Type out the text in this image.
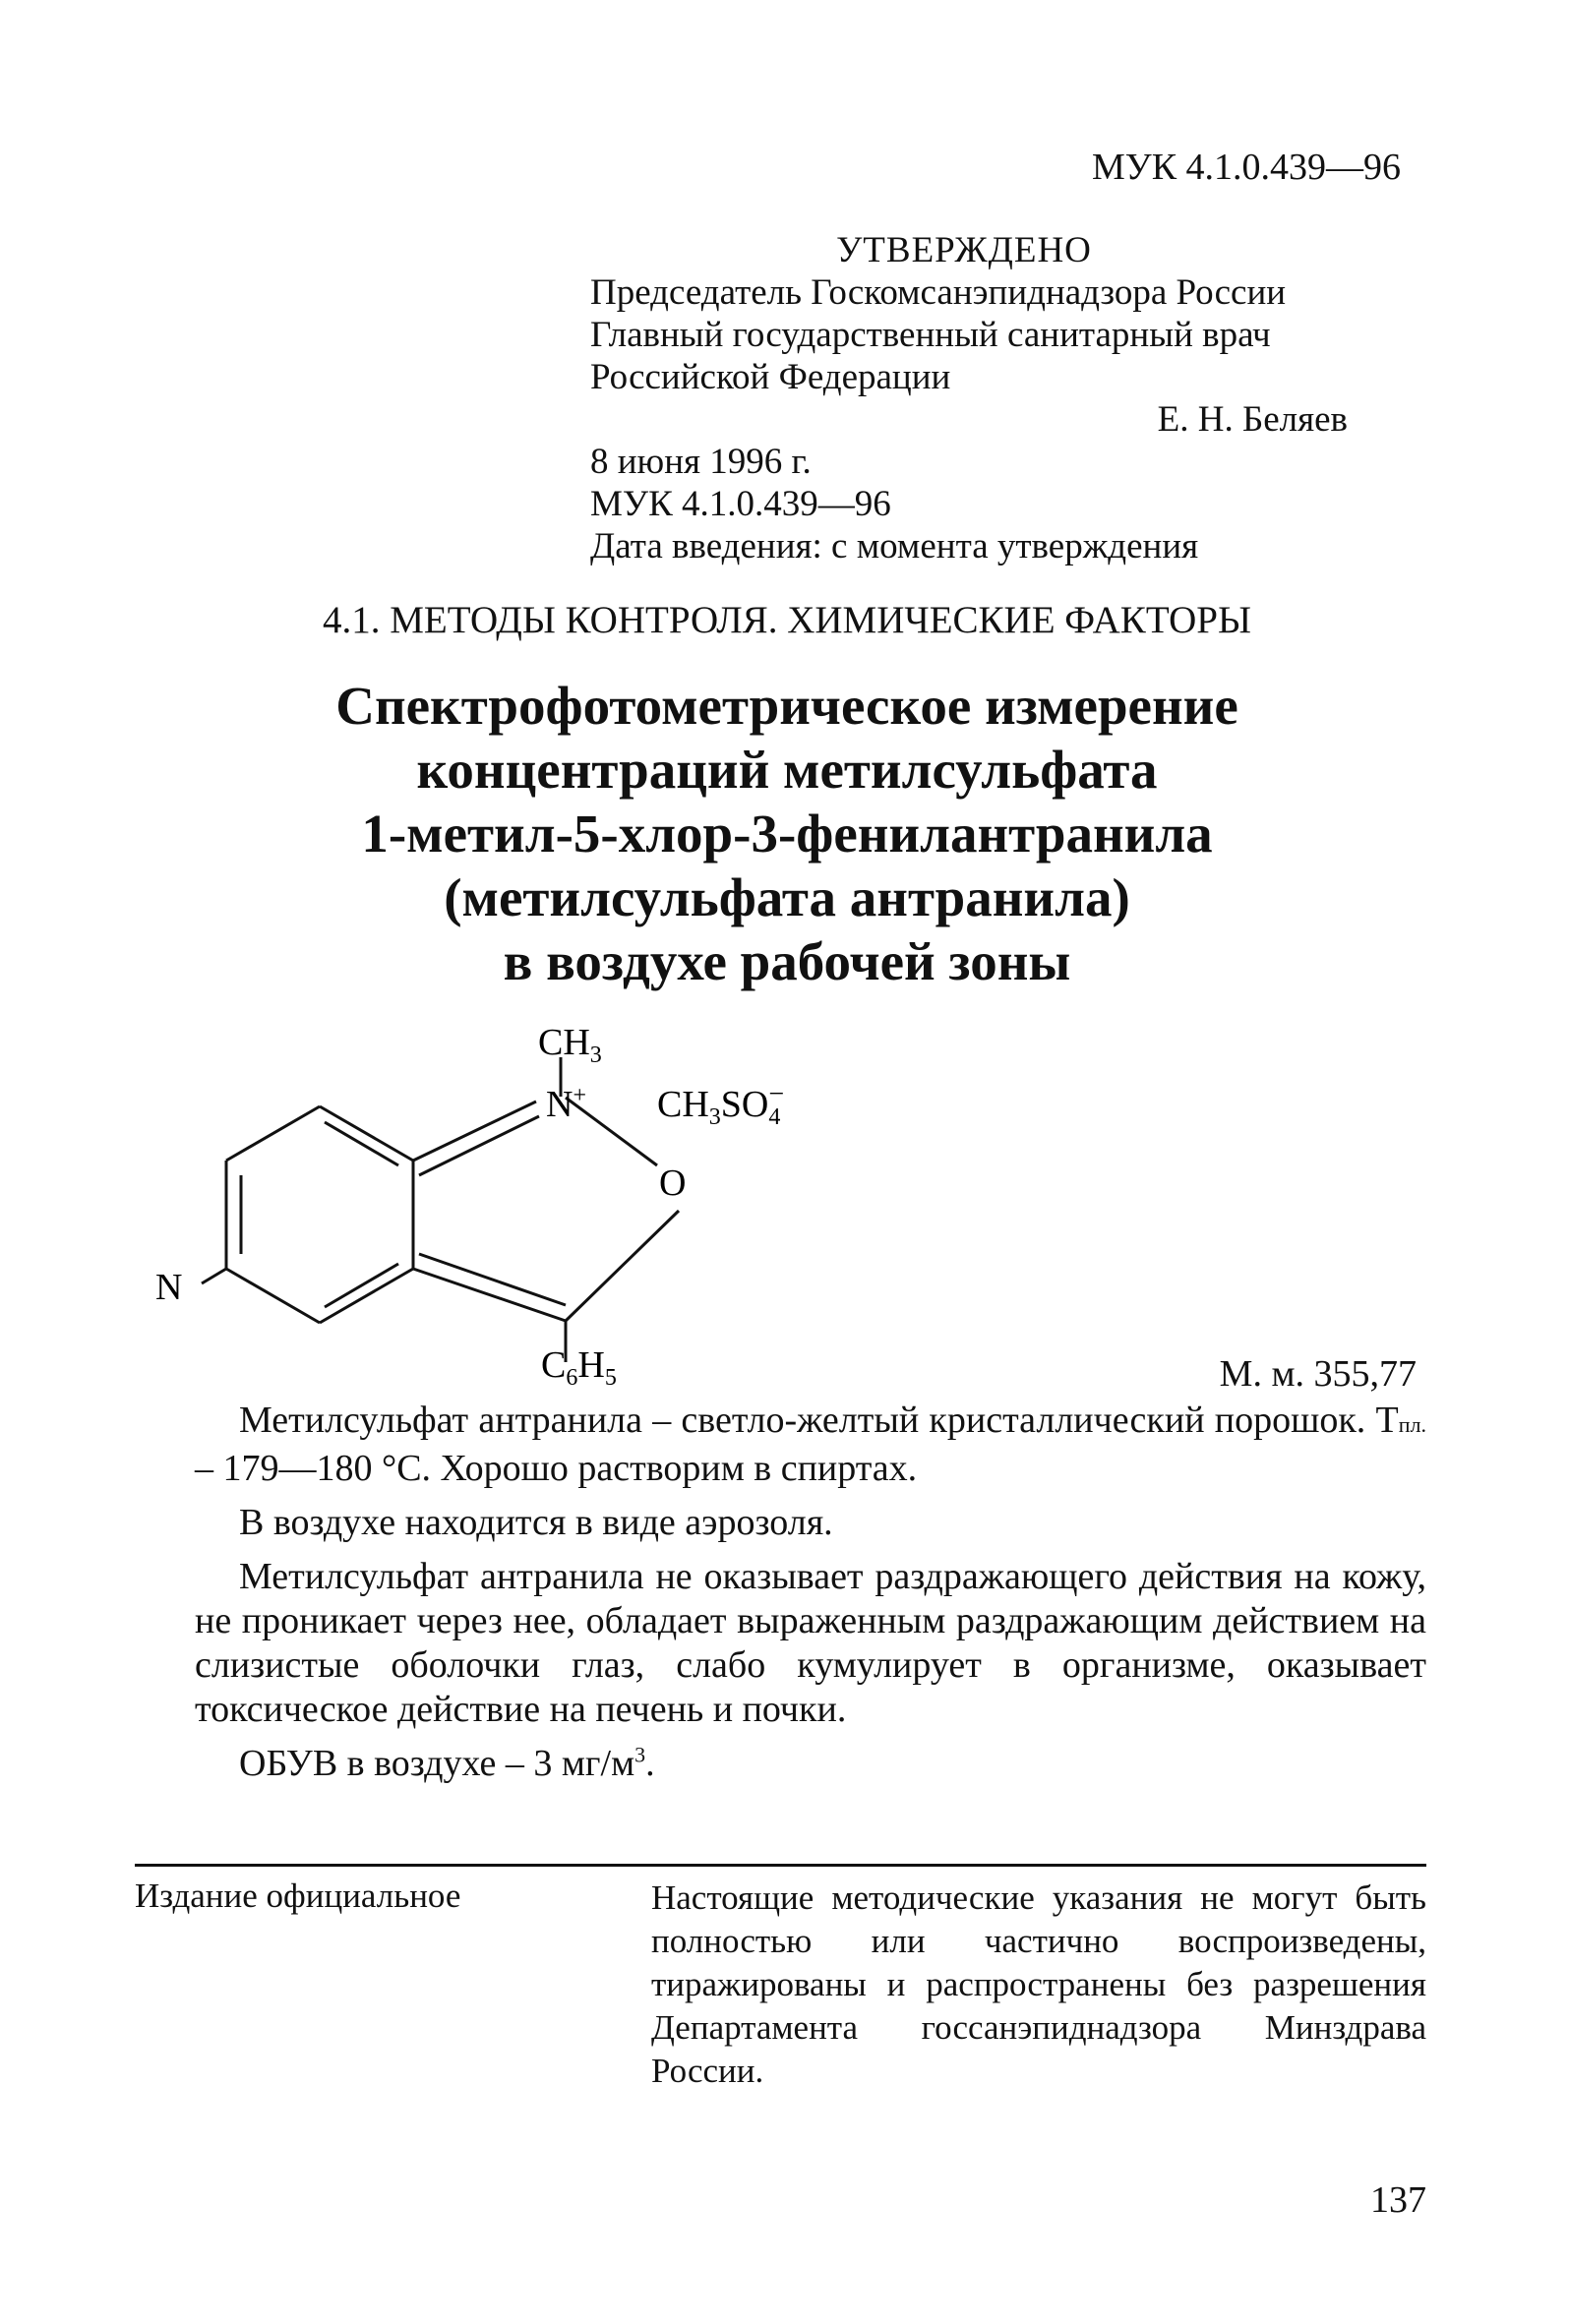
МУК 4.1.0.439—96
УТВЕРЖДЕНО
Председатель Госкомсанэпиднадзора России
Главный государственный санитарный врач
Российской Федерации
Е. Н. Беляев
8 июня 1996 г.
МУК 4.1.0.439—96
Дата введения: с момента утверждения
4.1. МЕТОДЫ КОНТРОЛЯ. ХИМИЧЕСКИЕ ФАКТОРЫ
Спектрофотометрическое измерение
концентраций метилсульфата
1-метил-5-хлор-3-фенилантранила
(метилсульфата антранила)
в воздухе рабочей зоны
$CH_3$
N+ $CH_3SO_4-$
O
N
$C_6H_5$	М. м. 355,77

Метилсульфат антранила – светло-желтый кристаллический порошок. Tпл. – 179—180 °С. Хорошо растворим в спиртах.

В воздухе находится в виде аэрозоля.

Метилсульфат антранила не оказывает раздражающего действия на кожу, не проникает через нее, обладает выраженным раздражающим действием на слизистые оболочки глаз, слабо кумулирует в организме, оказывает токсическое действие на печень и почки.

ОБУВ в воздухе – 3 $мг/м^3$.

Издание официальное	Настоящие методические указания не могут быть полностью или частично воспроизведены, тиражированы и распространены без разрешения Департамента госсанэпиднадзора Минздрава России.
137
